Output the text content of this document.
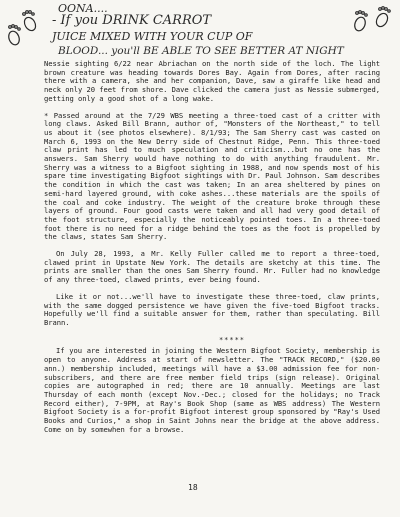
OONA....
- If you DRINK CARROT
JUICE MIXED WITH YOUR CUP OF
BLOOD... you'll BE ABLE TO SEE BETTER AT NIGHT

Nessie sighting 6/22 near Abriachan on the north side of the loch. The light brown creature was heading towards Dores Bay. Again from Dores, after racing there with a camera, she and her companion, Dave, saw a giraffe like head and neck only 20 feet from shore. Dave clicked the camera just as Nessie submerged, getting only a good shot of a long wake.

* Passed around at the 7/29 WBS meeting a three-toed cast of a critter with long claws. Asked Bill Brann, author of, "Monsters of the Northeast," to tell us about it (see photos elsewhere). 8/1/93; The Sam Sherry cast was casted on March 6, 1993 on the New Derry side of Chestnut Ridge, Penn. This three-toed claw print has led to much speculation and criticism...but no one has the answers. Sam Sherry would have nothing to do with anything fraudulent. Mr. Sherry was a witness to a Bigfoot sighting in 1988, and now spends most of his spare time investigating Bigfoot sightings with Dr. Paul Johnson. Sam describes the condition in which the cast was taken; In an area sheltered by pines on semi-hard layered ground, with coke ashes...these materials are the spoils of the coal and coke industry. The weight of the creature broke through these layers of ground. Four good casts were taken and all had very good detail of the foot structure, especially the noticeably pointed toes. In a three-toed foot there is no need for a ridge behind the toes as the foot is propelled by the claws, states Sam Sherry.

On July 28, 1993, a Mr. Kelly Fuller called me to report a three-toed, clawed print in Upstate New York. The details are sketchy at this time. The prints are smaller than the ones Sam Sherry found. Mr. Fuller had no knowledge of any three-toed, clawed prints, ever being found.

Like it or not...we'll have to investigate these three-toed, claw prints, with the same dogged persistence we have given the five-toed Bigfoot tracks. Hopefully we'll find a suitable answer for them, rather than speculating. Bill Brann.

*****

If you are interested in joining the Western Bigfoot Society, membership is open to anyone. Address at start of newsletter. The "TRACK RECORD," ($20.00 ann.) membership included, meetings will have a $3.00 admission fee for non-subscribers, and there are free member field trips (sign release). Original copies are autographed in red; there are 10 annually. Meetings are last Thursday of each month (except Nov.-Dec.; closed for the holidays; no Track Record either), 7-9PM, at Ray's Book Shop (same as WBS address) The Western Bigfoot Society is a for-profit Bigfoot interest group sponsored by "Ray's Used Books and Curios," a shop in Saint Johns near the bridge at the above address. Come on by somewhen for a browse.

18
